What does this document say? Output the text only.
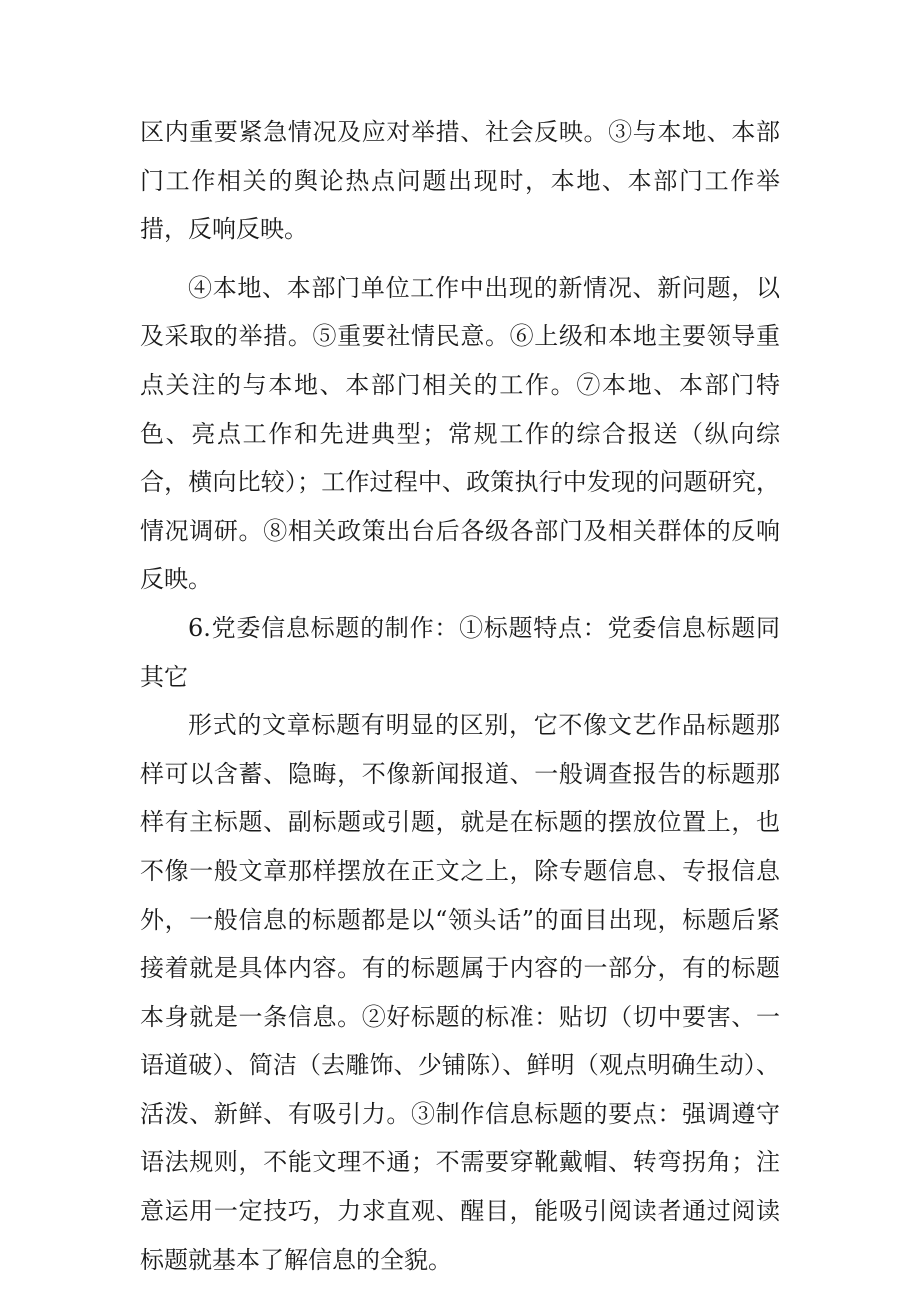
区内重要紧急情况及应对举措、社会反映。③与本地、本部门工作相关的舆论热点问题出现时，本地、本部门工作举措，反响反映。

④本地、本部门单位工作中出现的新情况、新问题，以及采取的举措。⑤重要社情民意。⑥上级和本地主要领导重点关注的与本地、本部门相关的工作。⑦本地、本部门特色、亮点工作和先进典型；常规工作的综合报送（纵向综合，横向比较）；工作过程中、政策执行中发现的问题研究，情况调研。⑧相关政策出台后各级各部门及相关群体的反响反映。

6.党委信息标题的制作：①标题特点：党委信息标题同其它

形式的文章标题有明显的区别，它不像文艺作品标题那样可以含蓄、隐晦，不像新闻报道、一般调查报告的标题那样有主标题、副标题或引题，就是在标题的摆放位置上，也不像一般文章那样摆放在正文之上，除专题信息、专报信息外，一般信息的标题都是以“领头话”的面目出现，标题后紧接着就是具体内容。有的标题属于内容的一部分，有的标题本身就是一条信息。②好标题的标准：贴切（切中要害、一语道破）、简洁（去雕饰、少铺陈）、鲜明（观点明确生动）、活泼、新鲜、有吸引力。③制作信息标题的要点：强调遵守语法规则，不能文理不通；不需要穿靴戴帽、转弯拐角；注意运用一定技巧，力求直观、醒目，能吸引阅读者通过阅读标题就基本了解信息的全貌。
